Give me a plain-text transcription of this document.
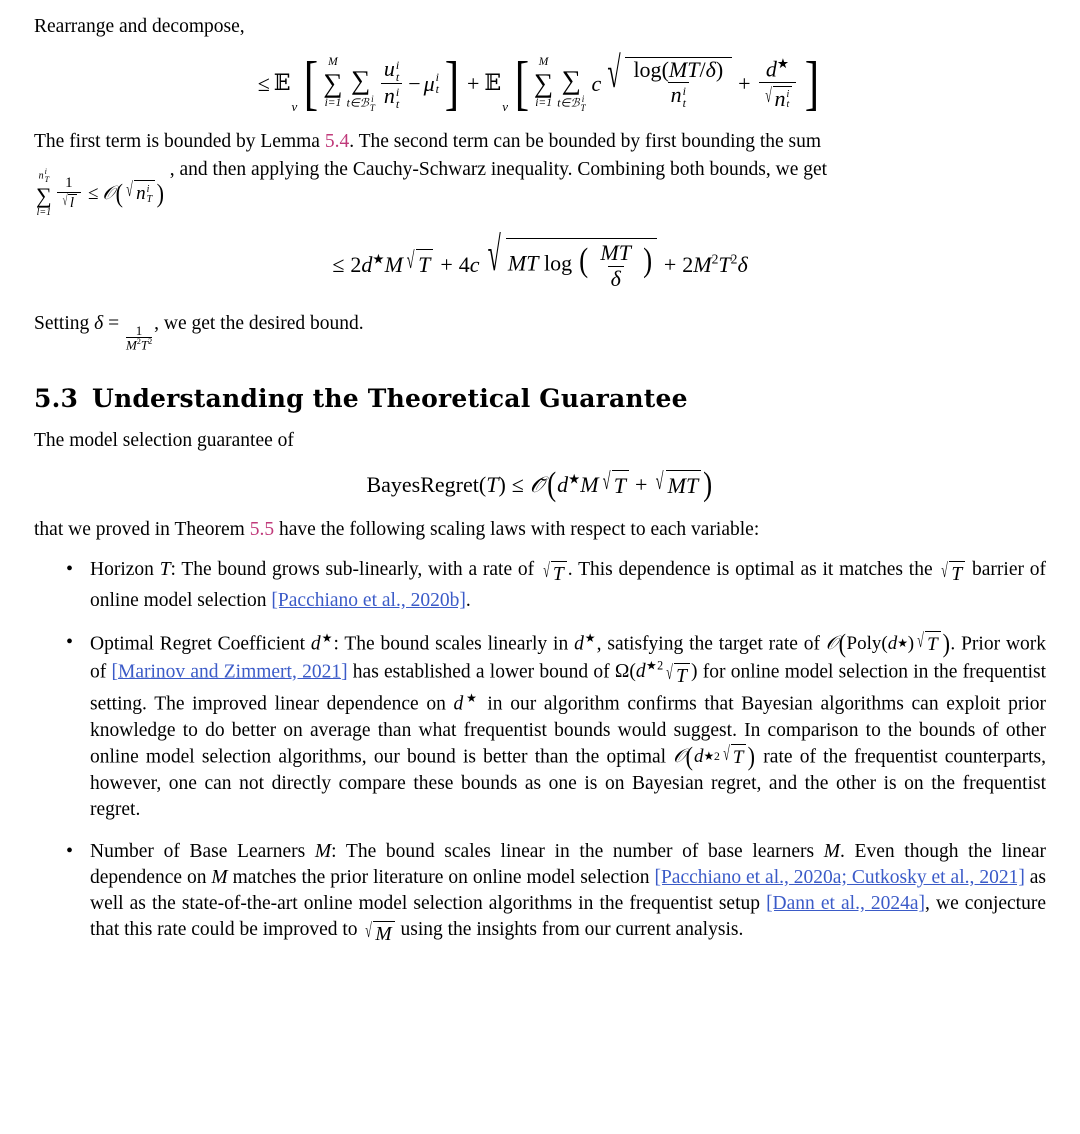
Rearrange and decompose,

≤ 𝔼
ν [ M
∑
i=1

∑
t∈ℬ i
T u i
t
n i
t − μ i
t ] + 𝔼
ν [ M
∑
i=1

∑
t∈ℬ i
T
c √ log(MT/δ)
n i
t + d★
√ n i
t ]

The first term is bounded by Lemma 5.4. The second term can be bounded by first bounding the sum

n i
T
∑
l=1
$\frac{1}{√ l}$ ≤ 𝒪 ( √ n i
T )
, and then applying the Cauchy-Schwarz inequality. Combining both bounds, we get

≤ 2d★M √ T + 4c √ MT log ( $\frac{MT}{\delta}$ ) + $2M^2T^2\delta$

Setting δ =
$\frac{1}{M^2T^2}$
, we get the desired bound.

5.3 Understanding the Theoretical Guarantee

The model selection guarantee of

BayesRegret( T ) ≤ 𝒪̃ ( d★M √ T + √ MT )

that we proved in Theorem 5.5 have the following scaling laws with respect to each variable:

• Horizon T: The bound grows sub-linearly, with a rate of √ T . This dependence is optimal as it matches the √ T barrier of online model selection [Pacchiano et al., 2020b].
• Optimal Regret Coefficient d★: The bound scales linearly in d★, satisfying the target rate of 𝒪 ( Poly( d ★ ) √ T ) . Prior work of [Marinov and Zimmert, 2021] has established a lower bound of $\Omega(d^{★2}$ √ T ) for online model selection in the frequentist setting. The improved linear dependence on d★ in our algorithm confirms that Bayesian algorithms can exploit prior knowledge to do better on average than what frequentist bounds would suggest. In comparison to the bounds of other online model selection algorithms, our bound is better than the optimal 𝒪 ( d ★2 √ T ) rate of the frequentist counterparts, however, one can not directly compare these bounds as one is on Bayesian regret, and the other is on the frequentist regret.
• Number of Base Learners M: The bound scales linear in the number of base learners M. Even though the linear dependence on M matches the prior literature on online model selection [Pacchiano et al., 2020a; Cutkosky et al., 2021] as well as the state-of-the-art online model selection algorithms in the frequentist setup [Dann et al., 2024a], we conjecture that this rate could be improved to √ M using the insights from our current analysis.
